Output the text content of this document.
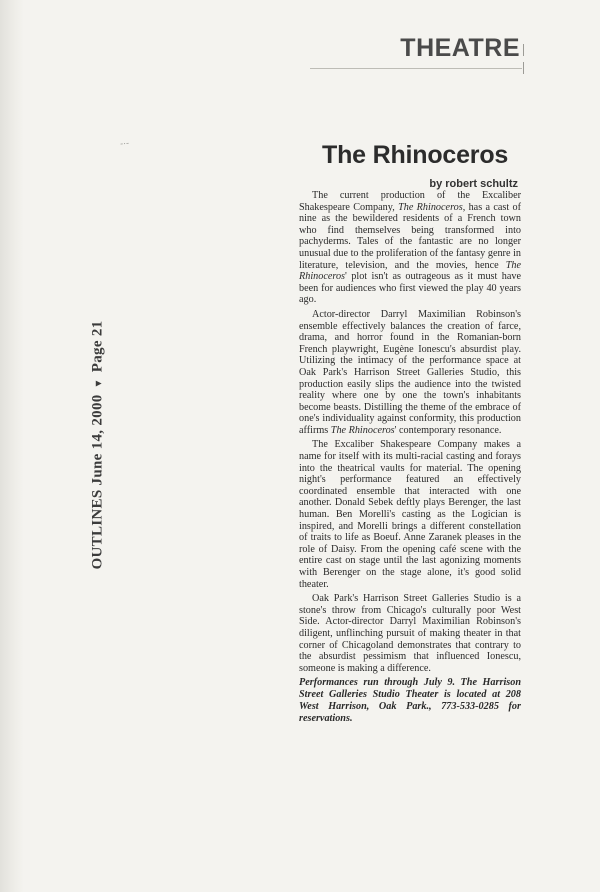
-·-
OUTLINES June 14, 2000▼Page 21
THEATRE
The Rhinoceros
by robert schultz

The current production of the Excaliber Shakespeare Company, The Rhinoceros, has a cast of nine as the bewildered residents of a French town who find themselves being transformed into pachyderms. Tales of the fantastic are no longer unusual due to the proliferation of the fantasy genre in literature, television, and the movies, hence The Rhinoceros' plot isn't as outrageous as it must have been for audiences who first viewed the play 40 years ago.

Actor-director Darryl Maximilian Robinson's ensemble effectively balances the creation of farce, drama, and horror found in the Romanian-born French playwright, Eugène Ionescu's absurdist play. Utilizing the intimacy of the performance space at Oak Park's Harrison Street Galleries Studio, this production easily slips the audience into the twisted reality where one by one the town's inhabitants become beasts. Distilling the theme of the embrace of one's individuality against conformity, this production affirms The Rhinoceros' contemporary resonance.

The Excaliber Shakespeare Company makes a name for itself with its multi-racial casting and forays into the theatrical vaults for material. The opening night's performance featured an effectively coordinated ensemble that interacted with one another. Donald Sebek deftly plays Berenger, the last human. Ben Morelli's casting as the Logician is inspired, and Morelli brings a different constellation of traits to life as Boeuf. Anne Zaranek pleases in the role of Daisy. From the opening café scene with the entire cast on stage until the last agonizing moments with Berenger on the stage alone, it's good solid theater.

Oak Park's Harrison Street Galleries Studio is a stone's throw from Chicago's culturally poor West Side. Actor-director Darryl Maximilian Robinson's diligent, unflinching pursuit of making theater in that corner of Chicagoland demonstrates that contrary to the absurdist pessimism that influenced Ionescu, someone is making a difference.

Performances run through July 9. The Harrison Street Galleries Studio Theater is located at 208 West Harrison, Oak Park., 773-533-0285 for reservations.
